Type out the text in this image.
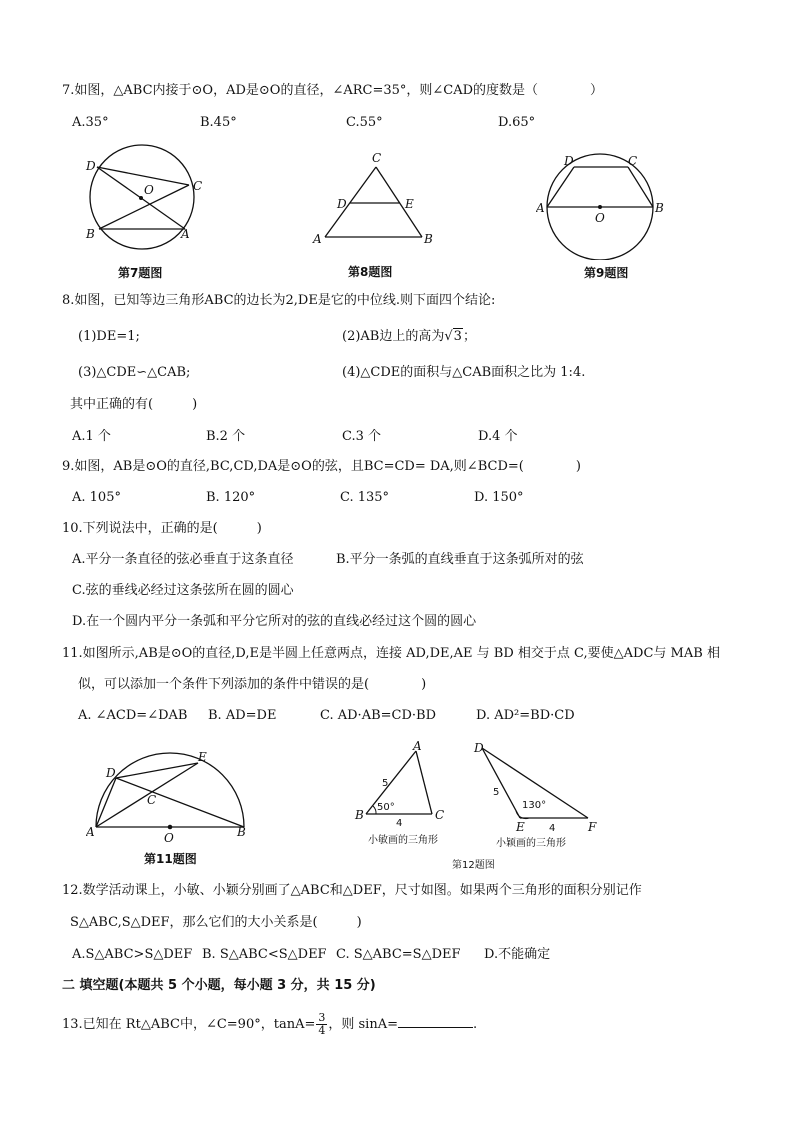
7.如图，△ABC内接于⊙O，AD是⊙O的直径，∠ARC=35°，则∠CAD的度数是（　　　　）
A.35°	B.45°	C.55°	D.65°
D
O	C
B	A
第7题图
C
D	E
A	B
第8题图
D	C
A
O
B
第9题图
8.如图，已知等边三角形ABC的边长为2,DE是它的中位线.则下面四个结论:
(1)DE=1;	(2)AB边上的高为√3；
(3)△CDE∽△CAB;	(4)△CDE的面积与△CAB面积之比为 1:4.
其中正确的有(　　　)
A.1 个	B.2 个	C.3 个	D.4 个
9.如图，AB是⊙O的直径,BC,CD,DA是⊙O的弦，且BC=CD= DA,则∠BCD=(　　　　)
A. 105°	B. 120°	C. 135°	D. 150°
10.下列说法中，正确的是(　　　)
A.平分一条直径的弦必垂直于这条直径	B.平分一条弧的直线垂直于这条弧所对的弦
C.弦的垂线必经过这条弦所在圆的圆心
D.在一个圆内平分一条弧和平分它所对的弦的直线必经过这个圆的圆心
11.如图所示,AB是⊙O的直径,D,E是半圆上任意两点，连接 AD,DE,AE 与 BD 相交于点 C,要使△ADC与 MAB 相
似，可以添加一个条件下列添加的条件中错误的是(　　　　)
A. ∠ACD=∠DAB B. AD=DE	C. AD·AB=CD·BD	D. AD²=BD·CD
D
E
C
A	O	B
第11题图
A
B	C
5
4
50°
小敏画的三角形
D
E	F
5
4
130°
小颖画的三角形
第12题图
12.数学活动课上，小敏、小颖分别画了△ABC和△DEF，尺寸如图。如果两个三角形的面积分别记作
S△ABC,S△DEF，那么它们的大小关系是(　　　)
A.S△ABC>S△DEF B. S△ABC<S△DEF C. S△ABC=S△DEF D.不能确定
二 填空题(本题共 5 个小题，每小题 3 分，共 15 分)
13.已知在 Rt△ABC中，∠C=90°，$\tan A= \frac{3}{4}$ ，则 sinA=	.
